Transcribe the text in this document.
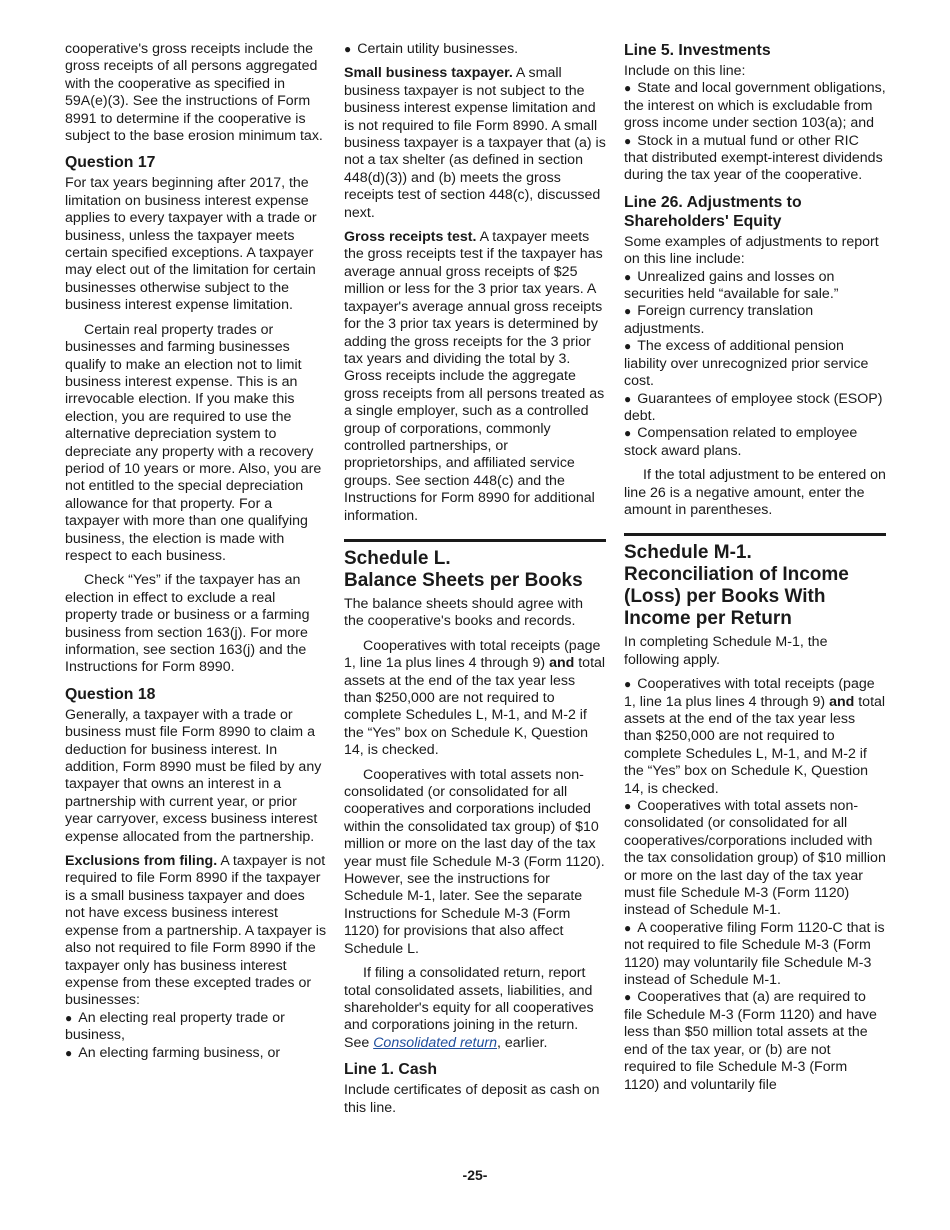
cooperative's gross receipts include the gross receipts of all persons aggregated with the cooperative as specified in 59A(e)(3). See the instructions of Form 8991 to determine if the cooperative is subject to the base erosion minimum tax.

Question 17

For tax years beginning after 2017, the limitation on business interest expense applies to every taxpayer with a trade or business, unless the taxpayer meets certain specified exceptions. A taxpayer may elect out of the limitation for certain businesses otherwise subject to the business interest expense limitation.

Certain real property trades or businesses and farming businesses qualify to make an election not to limit business interest expense. This is an irrevocable election. If you make this election, you are required to use the alternative depreciation system to depreciate any property with a recovery period of 10 years or more. Also, you are not entitled to the special depreciation allowance for that property. For a taxpayer with more than one qualifying business, the election is made with respect to each business.

Check “Yes” if the taxpayer has an election in effect to exclude a real property trade or business or a farming business from section 163(j). For more information, see section 163(j) and the Instructions for Form 8990.

Question 18

Generally, a taxpayer with a trade or business must file Form 8990 to claim a deduction for business interest. In addition, Form 8990 must be filed by any taxpayer that owns an interest in a partnership with current year, or prior year carryover, excess business interest expense allocated from the partnership.

Exclusions from filing. A taxpayer is not required to file Form 8990 if the taxpayer is a small business taxpayer and does not have excess business interest expense from a partnership. A taxpayer is also not required to file Form 8990 if the taxpayer only has business interest expense from these excepted trades or businesses:

● An electing real property trade or business,

● An electing farming business, or

● Certain utility businesses.

Small business taxpayer. A small business taxpayer is not subject to the business interest expense limitation and is not required to file Form 8990. A small business taxpayer is a taxpayer that (a) is not a tax shelter (as defined in section 448(d)(3)) and (b) meets the gross receipts test of section 448(c), discussed next.

Gross receipts test. A taxpayer meets the gross receipts test if the taxpayer has average annual gross receipts of $25 million or less for the 3 prior tax years. A taxpayer's average annual gross receipts for the 3 prior tax years is determined by adding the gross receipts for the 3 prior tax years and dividing the total by 3. Gross receipts include the aggregate gross receipts from all persons treated as a single employer, such as a controlled group of corporations, commonly controlled partnerships, or proprietorships, and affiliated service groups. See section 448(c) and the Instructions for Form 8990 for additional information.

Schedule L.
Balance Sheets per Books

The balance sheets should agree with the cooperative's books and records.

Cooperatives with total receipts (page 1, line 1a plus lines 4 through 9) and total assets at the end of the tax year less than $250,000 are not required to complete Schedules L, M-1, and M-2 if the “Yes” box on Schedule K, Question 14, is checked.

Cooperatives with total assets non-consolidated (or consolidated for all cooperatives and corporations included within the consolidated tax group) of $10 million or more on the last day of the tax year must file Schedule M-3 (Form 1120). However, see the instructions for Schedule M-1, later. See the separate Instructions for Schedule M-3 (Form 1120) for provisions that also affect Schedule L.

If filing a consolidated return, report total consolidated assets, liabilities, and shareholder's equity for all cooperatives and corporations joining in the return. See Consolidated return, earlier.

Line 1. Cash

Include certificates of deposit as cash on this line.

Line 5. Investments

Include on this line:

● State and local government obligations, the interest on which is excludable from gross income under section 103(a); and

● Stock in a mutual fund or other RIC that distributed exempt-interest dividends during the tax year of the cooperative.

Line 26. Adjustments to Shareholders' Equity

Some examples of adjustments to report on this line include:

● Unrealized gains and losses on securities held “available for sale.”

● Foreign currency translation adjustments.

● The excess of additional pension liability over unrecognized prior service cost.

● Guarantees of employee stock (ESOP) debt.

● Compensation related to employee stock award plans.

If the total adjustment to be entered on line 26 is a negative amount, enter the amount in parentheses.

Schedule M-1.
Reconciliation of Income (Loss) per Books With Income per Return

In completing Schedule M-1, the following apply.

● Cooperatives with total receipts (page 1, line 1a plus lines 4 through 9) and total assets at the end of the tax year less than $250,000 are not required to complete Schedules L, M-1, and M-2 if the “Yes” box on Schedule K, Question 14, is checked.

● Cooperatives with total assets non-consolidated (or consolidated for all cooperatives/corporations included with the tax consolidation group) of $10 million or more on the last day of the tax year must file Schedule M-3 (Form 1120) instead of Schedule M-1.

● A cooperative filing Form 1120-C that is not required to file Schedule M-3 (Form 1120) may voluntarily file Schedule M-3 instead of Schedule M-1.

● Cooperatives that (a) are required to file Schedule M-3 (Form 1120) and have less than $50 million total assets at the end of the tax year, or (b) are not required to file Schedule M-3 (Form 1120) and voluntarily file

-25-
